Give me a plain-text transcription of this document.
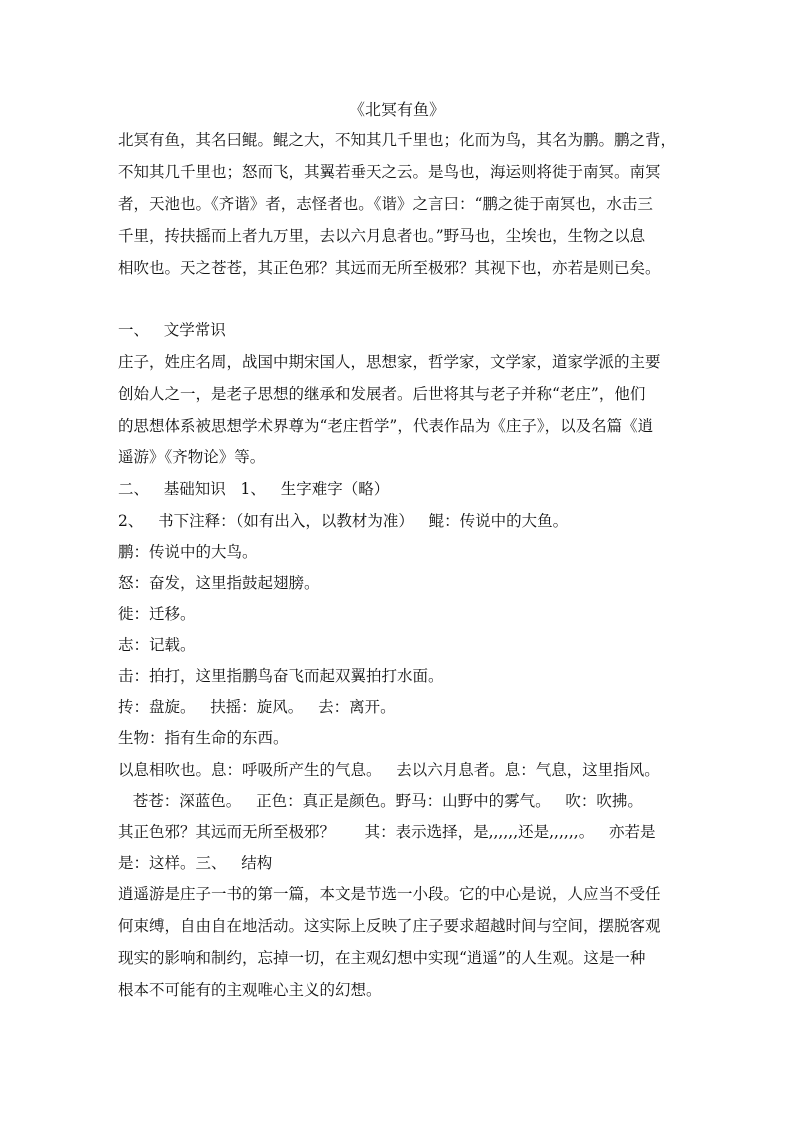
《北冥有鱼》
北冥有鱼，其名曰鲲。鲲之大，不知其几千里也；化而为鸟，其名为鹏。鹏之背，
不知其几千里也；怒而飞，其翼若垂天之云。是鸟也，海运则将徙于南冥。南冥
者，天池也。《齐谐》者，志怪者也。《谐》之言曰：“鹏之徙于南冥也，水击三
千里，抟扶摇而上者九万里，去以六月息者也。”野马也，尘埃也，生物之以息
相吹也。天之苍苍，其正色邪？其远而无所至极邪？其视下也，亦若是则已矣。
一、   文学常识
庄子，姓庄名周，战国中期宋国人，思想家，哲学家，文学家，道家学派的主要
创始人之一，是老子思想的继承和发展者。后世将其与老子并称“老庄”，他们
的思想体系被思想学术界尊为“老庄哲学”，代表作品为《庄子》，以及名篇《逍
遥游》《齐物论》等。
二、   基础知识   1、   生字难字（略）
2、   书下注释：（如有出入，以教材为准）   鲲：传说中的大鱼。
鹏：传说中的大鸟。
怒：奋发，这里指鼓起翅膀。
徙：迁移。
志：记载。
击：拍打，这里指鹏鸟奋飞而起双翼拍打水面。
抟：盘旋。   扶摇：旋风。   去：离开。
生物：指有生命的东西。
以息相吹也。息：呼吸所产生的气息。   去以六月息者。息：气息，这里指风。
苍苍：深蓝色。   正色：真正是颜色。野马：山野中的雾气。   吹：吹拂。
其正色邪？其远而无所至极邪？      其：表示选择，是,,,,,,还是,,,,,,。   亦若是
是：这样。三、   结构
逍遥游是庄子一书的第一篇，本文是节选一小段。它的中心是说，人应当不受任
何束缚，自由自在地活动。这实际上反映了庄子要求超越时间与空间，摆脱客观
现实的影响和制约，忘掉一切，在主观幻想中实现“逍遥”的人生观。这是一种
根本不可能有的主观唯心主义的幻想。
